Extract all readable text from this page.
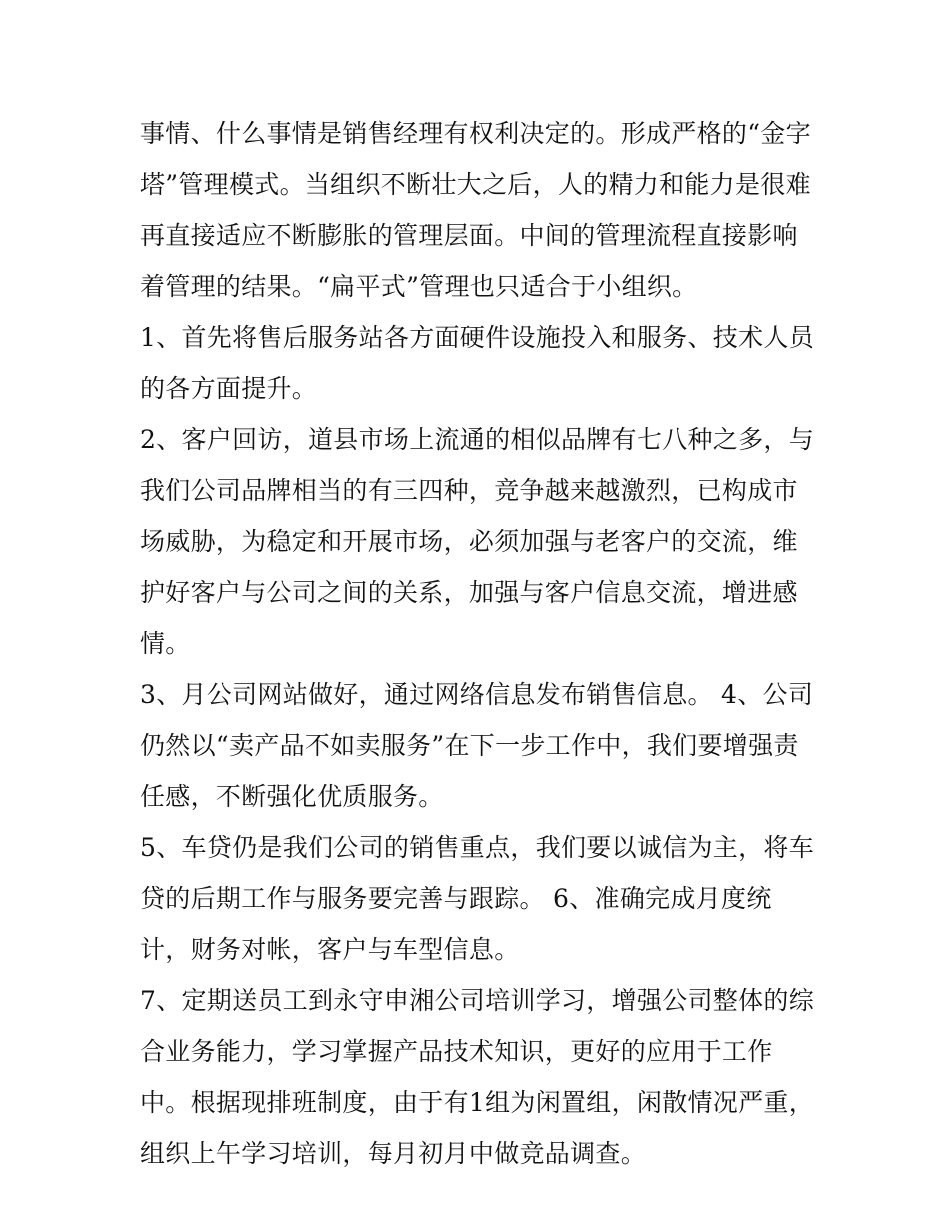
事情、什么事情是销售经理有权利决定的。形成严格的“金字塔”管理模式。当组织不断壮大之后，人的精力和能力是很难再直接适应不断膨胀的管理层面。中间的管理流程直接影响着管理的结果。“扁平式”管理也只适合于小组织。

1、首先将售后服务站各方面硬件设施投入和服务、技术人员的各方面提升。

2、客户回访，道县市场上流通的相似品牌有七八种之多，与我们公司品牌相当的有三四种，竞争越来越激烈，已构成市场威胁，为稳定和开展市场，必须加强与老客户的交流，维护好客户与公司之间的关系，加强与客户信息交流，增进感情。

3、月公司网站做好，通过网络信息发布销售信息。 4、公司仍然以“卖产品不如卖服务”在下一步工作中，我们要增强责任感，不断强化优质服务。

5、车贷仍是我们公司的销售重点，我们要以诚信为主，将车贷的后期工作与服务要完善与跟踪。 6、准确完成月度统计，财务对帐，客户与车型信息。

7、定期送员工到永守申湘公司培训学习，增强公司整体的综合业务能力，学习掌握产品技术知识，更好的应用于工作中。根据现排班制度，由于有1组为闲置组，闲散情况严重，组织上午学习培训，每月初月中做竞品调查。
